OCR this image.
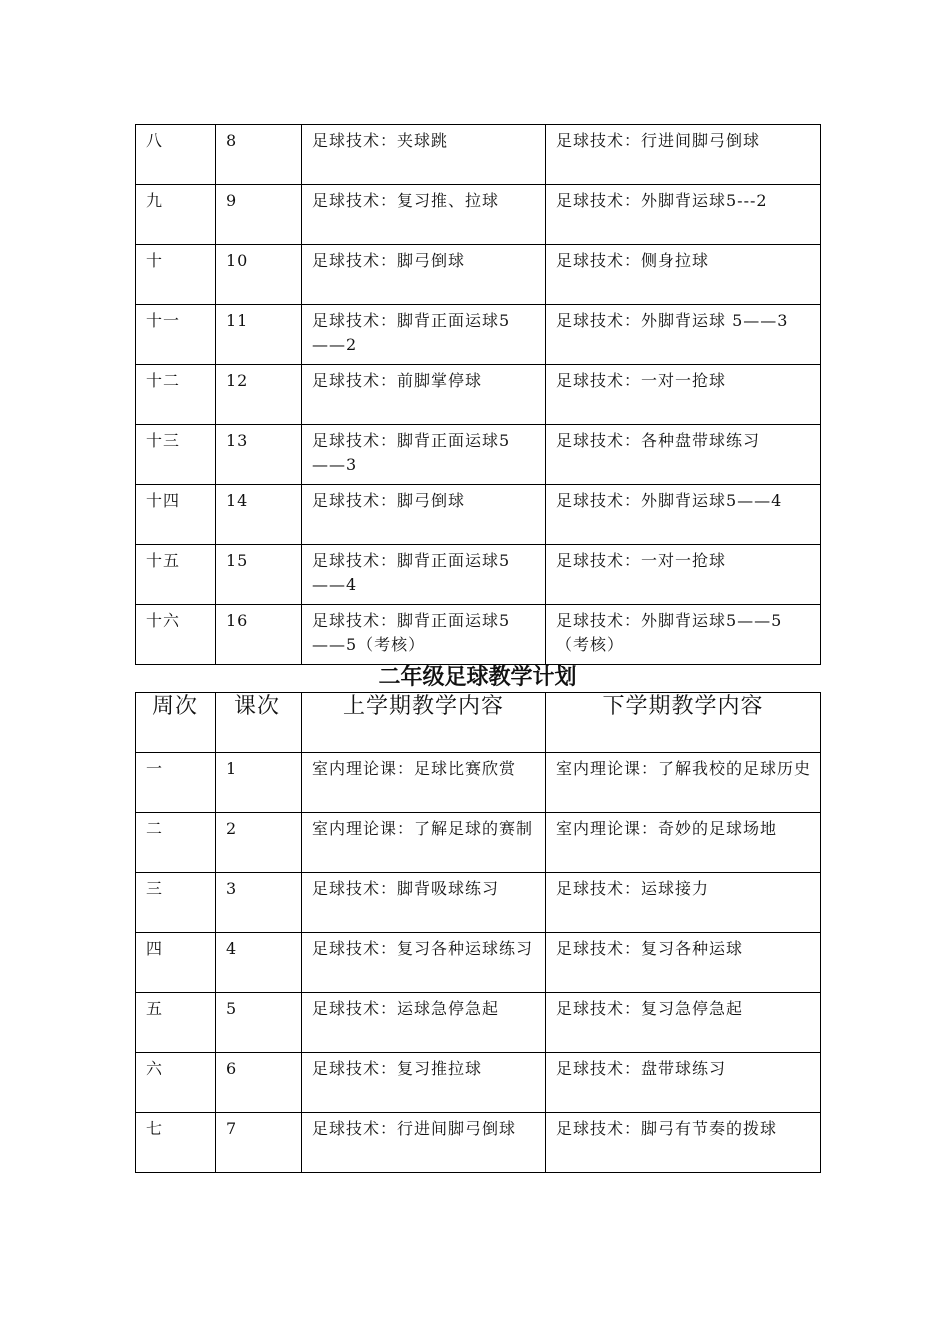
八	8	足球技术：夹球跳	足球技术：行进间脚弓倒球
九	9	足球技术：复习推、拉球	足球技术：外脚背运球5---2
十	10	足球技术：脚弓倒球	足球技术：侧身拉球
十一	11	足球技术：脚背正面运球5——2	足球技术：外脚背运球 5——3
十二	12	足球技术：前脚掌停球	足球技术：一对一抢球
十三	13	足球技术：脚背正面运球5——3	足球技术：各种盘带球练习
十四	14	足球技术：脚弓倒球	足球技术：外脚背运球5——4
十五	15	足球技术：脚背正面运球5——4	足球技术：一对一抢球
十六	16	足球技术：脚背正面运球5——5（考核）	足球技术：外脚背运球5——5（考核）
二年级足球教学计划
周次	课次	上学期教学内容	下学期教学内容
一	1	室内理论课：足球比赛欣赏	室内理论课：了解我校的足球历史
二	2	室内理论课：了解足球的赛制	室内理论课：奇妙的足球场地
三	3	足球技术：脚背吸球练习	足球技术：运球接力
四	4	足球技术：复习各种运球练习	足球技术：复习各种运球
五	5	足球技术：运球急停急起	足球技术：复习急停急起
六	6	足球技术：复习推拉球	足球技术：盘带球练习
七	7	足球技术：行进间脚弓倒球	足球技术：脚弓有节奏的拨球
